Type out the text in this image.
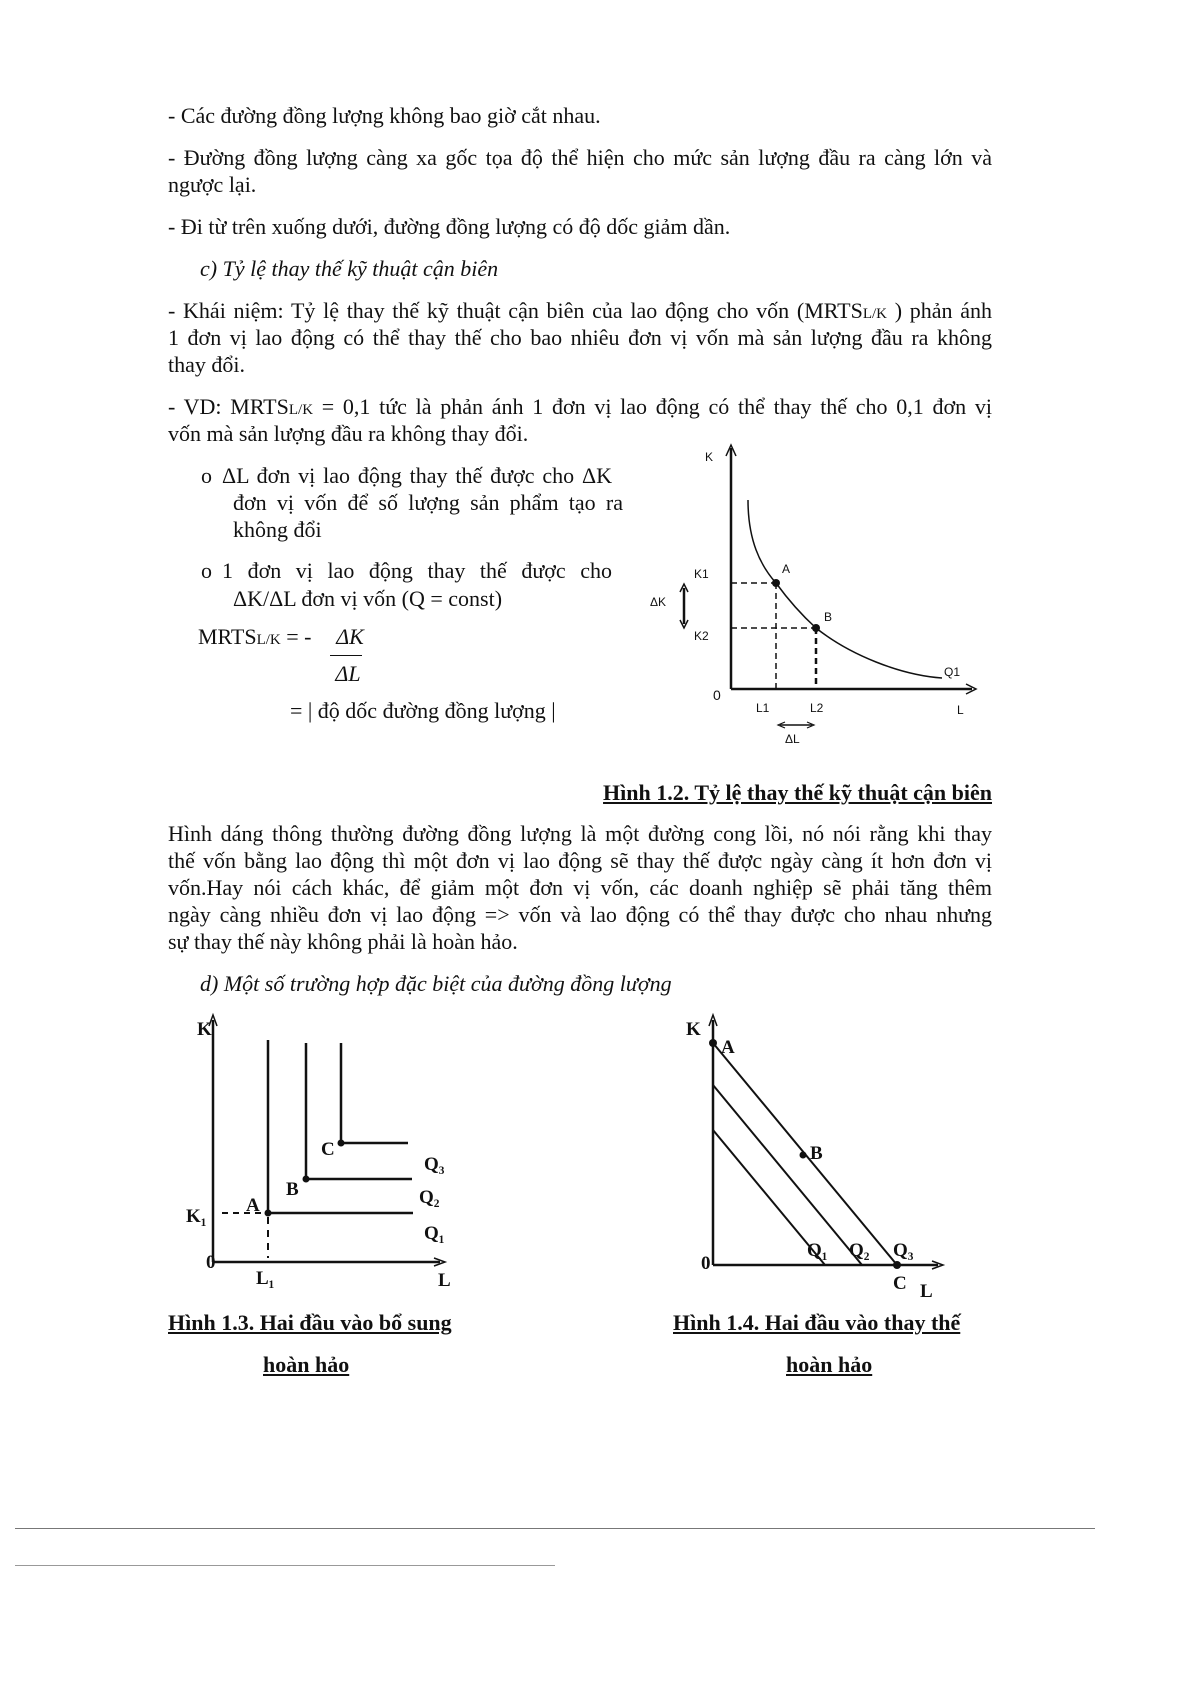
- Các đường đồng lượng không bao giờ cắt nhau.
- Đường đồng lượng càng xa gốc tọa độ thể hiện cho mức sản lượng đầu ra càng lớn và
ngược lại.
- Đi từ trên xuống dưới, đường đồng lượng có độ dốc giảm dần.
c) Tỷ lệ thay thế kỹ thuật cận biên
- Khái niệm: Tỷ lệ thay thế kỹ thuật cận biên của lao động cho vốn (MRTSL/K ) phản ánh
1 đơn vị lao động có thể thay thế cho bao nhiêu đơn vị vốn mà sản lượng đầu ra không
thay đổi.
- VD: MRTSL/K = 0,1 tức là phản ánh 1 đơn vị lao động có thể thay thế cho 0,1 đơn vị
vốn mà sản lượng đầu ra không thay đổi.
o ΔL đơn vị lao động thay thế được cho ΔK
đơn vị vốn để số lượng sản phẩm tạo ra
không đổi
o 1 đơn vị lao động thay thế được cho
ΔK/ΔL đơn vị vốn (Q = const)
MRTSL/K = -	ΔK
ΔL
= | độ dốc đường đồng lượng |
K
K1
K2
ΔK
A
B
0
L1	L2	L
Q1
ΔL
K
K₁
A
B
C
Q₃
Q₂
Q₁
0
L₁	L
K
A
B
0
Q₁ Q₂ Q₃
C L
Hình 1.2. Tỷ lệ thay thế kỹ thuật cận biên
Hình dáng thông thường đường đồng lượng là một đường cong lồi, nó nói rằng khi thay
thế vốn bằng lao động thì một đơn vị lao động sẽ thay thế được ngày càng ít hơn đơn vị
vốn.Hay nói cách khác, để giảm một đơn vị vốn, các doanh nghiệp sẽ phải tăng thêm
ngày càng nhiều đơn vị lao động => vốn và lao động có thể thay được cho nhau nhưng
sự thay thế này không phải là hoàn hảo.
d) Một số trường hợp đặc biệt của đường đồng lượng
Hình 1.3. Hai đầu vào bổ sung
hoàn hảo
Hình 1.4. Hai đầu vào thay thế
hoàn hảo
